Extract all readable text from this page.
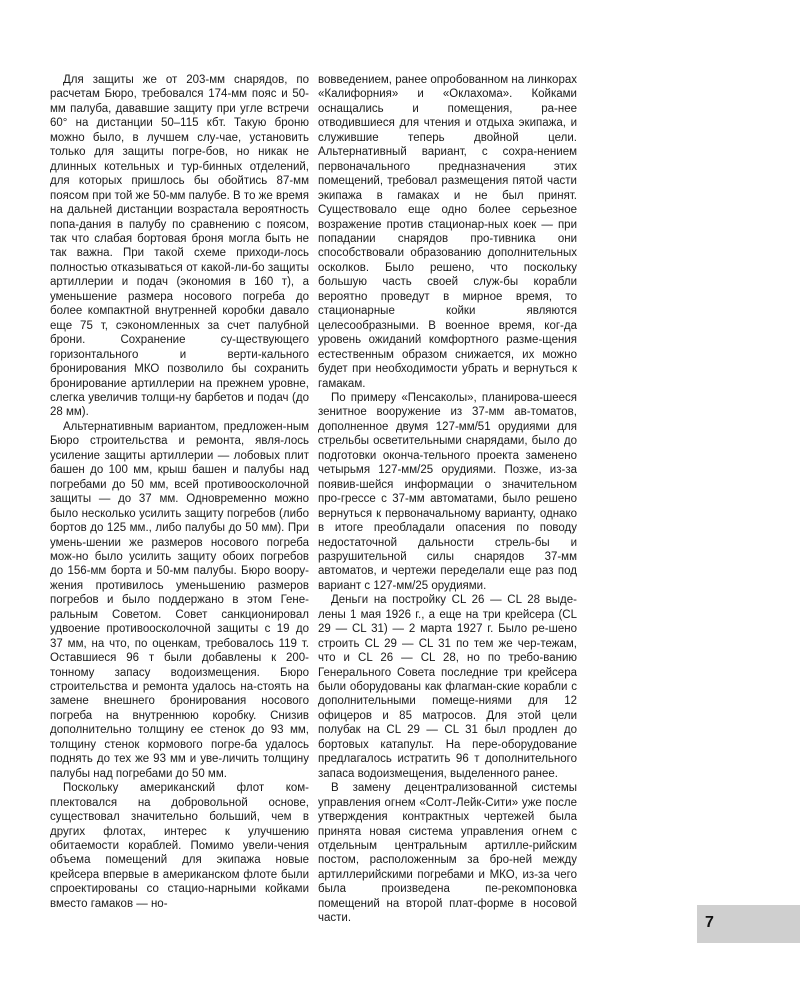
Для защиты же от 203-мм снарядов, по расчетам Бюро, требовался 174-мм пояс и 50-мм палуба, дававшие защиту при угле встречи 60° на дистанции 50–115 кбт. Такую броню можно было, в лучшем слу-чае, установить только для защиты погре-бов, но никак не длинных котельных и тур-бинных отделений, для которых пришлось бы обойтись 87-мм поясом при той же 50-мм палубе. В то же время на дальней дистанции возрастала вероятность попа-дания в палубу по сравнению с поясом, так что слабая бортовая броня могла быть не так важна. При такой схеме приходи-лось полностью отказываться от какой-ли-бо защиты артиллерии и подач (экономия в 160 т), а уменьшение размера носового погреба до более компактной внутренней коробки давало еще 75 т, сэкономленных за счет палубной брони. Сохранение су-ществующего горизонтального и верти-кального бронирования МКО позволило бы сохранить бронирование артиллерии на прежнем уровне, слегка увеличив толщи-ну барбетов и подач (до 28 мм).

Альтернативным вариантом, предложен-ным Бюро строительства и ремонта, явля-лось усиление защиты артиллерии — лобовых плит башен до 100 мм, крыш башен и палубы над погребами до 50 мм, всей противоосколочной защиты — до 37 мм. Одновременно можно было несколько усилить защиту погребов (либо бортов до 125 мм., либо палубы до 50 мм). При умень-шении же размеров носового погреба мож-но было усилить защиту обоих погребов до 156-мм борта и 50-мм палубы. Бюро воору-жения противилось уменьшению размеров погребов и было поддержано в этом Гене-ральным Советом. Совет санкционировал удвоение противоосколочной защиты с 19 до 37 мм, на что, по оценкам, требовалось 119 т. Оставшиеся 96 т были добавлены к 200-тонному запасу водоизмещения. Бюро строительства и ремонта удалось на-стоять на замене внешнего бронирования носового погреба на внутреннюю коробку. Снизив дополнительно толщину ее стенок до 93 мм, толщину стенок кормового погре-ба удалось поднять до тех же 93 мм и уве-личить толщину палубы над погребами до 50 мм.

Поскольку американский флот ком-плектовался на добровольной основе, существовал значительно больший, чем в других флотах, интерес к улучшению обитаемости кораблей. Помимо увели-чения объема помещений для экипажа новые крейсера впервые в американском флоте были спроектированы со стацио-нарными койками вместо гамаков — но-

вовведением, ранее опробованном на линкорах «Калифорния» и «Оклахома». Койками оснащались и помещения, ра-нее отводившиеся для чтения и отдыха экипажа, и служившие теперь двойной цели. Альтернативный вариант, с сохра-нением первоначального предназначения этих помещений, требовал размещения пятой части экипажа в гамаках и не был принят. Существовало еще одно более серьезное возражение против стационар-ных коек — при попадании снарядов про-тивника они способствовали образованию дополнительных осколков. Было решено, что поскольку большую часть своей служ-бы корабли вероятно проведут в мирное время, то стационарные койки являются целесообразными. В военное время, ког-да уровень ожиданий комфортного разме-щения естественным образом снижается, их можно будет при необходимости убрать и вернуться к гамакам.

По примеру «Пенсаколы», планирова-шееся зенитное вооружение из 37-мм ав-томатов, дополненное двумя 127-мм/51 орудиями для стрельбы осветительными снарядами, было до подготовки оконча-тельного проекта заменено четырьмя 127-мм/25 орудиями. Позже, из-за появив-шейся информации о значительном про-грессе с 37-мм автоматами, было решено вернуться к первоначальному варианту, однако в итоге преобладали опасения по поводу недостаточной дальности стрель-бы и разрушительной силы снарядов 37-мм автоматов, и чертежи переделали еще раз под вариант с 127-мм/25 орудиями.

Деньги на постройку CL 26 — CL 28 выде-лены 1 мая 1926 г., а еще на три крейсера (CL 29 — CL 31) — 2 марта 1927 г. Было ре-шено строить CL 29 — CL 31 по тем же чер-тежам, что и CL 26 — CL 28, но по требо-ванию Генерального Совета последние три крейсера были оборудованы как флагман-ские корабли с дополнительными помеще-ниями для 12 офицеров и 85 матросов. Для этой цели полубак на CL 29 — CL 31 был продлен до бортовых катапульт. На пере-оборудование предлагалось истратить 96 т дополнительного запаса водоизмещения, выделенного ранее.

В замену децентрализованной системы управления огнем «Солт-Лейк-Сити» уже после утверждения контрактных чертежей была принята новая система управления огнем с отдельным центральным артилле-рийским постом, расположенным за бро-ней между артиллерийскими погребами и МКО, из-за чего была произведена пе-рекомпоновка помещений на второй плат-форме в носовой части.	7
